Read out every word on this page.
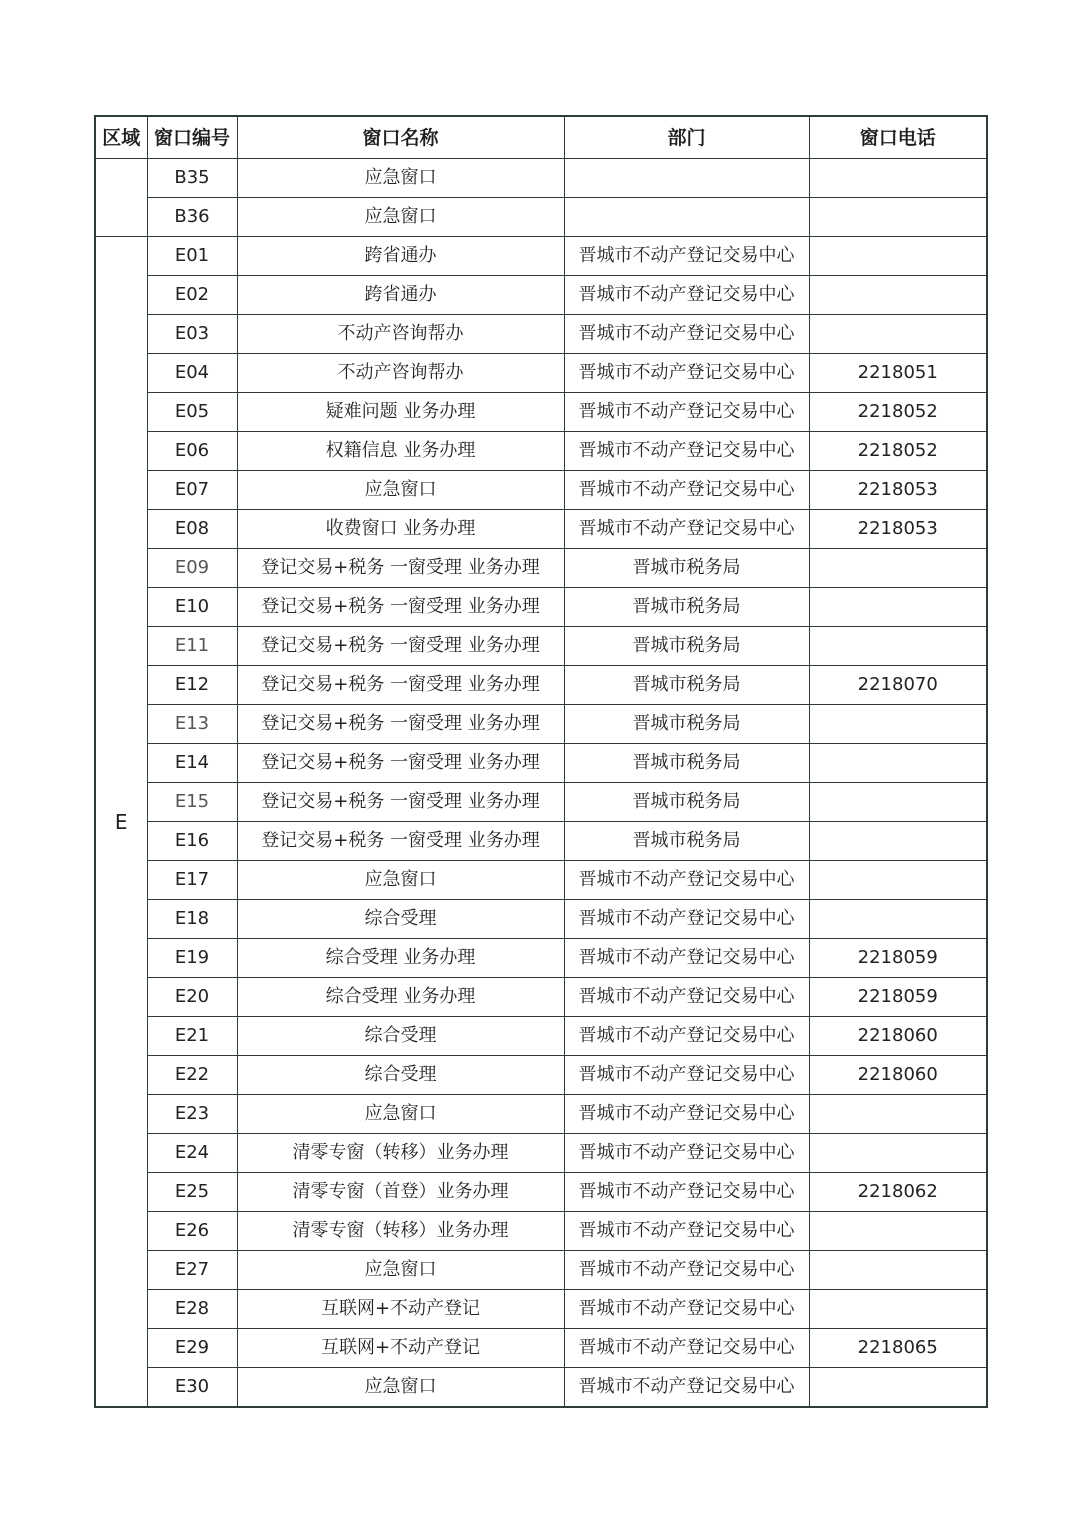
区域	窗口编号	窗口名称	部门	窗口电话
	B35	应急窗口		
	B36	应急窗口		
E	E01	跨省通办	晋城市不动产登记交易中心	
	E02	跨省通办	晋城市不动产登记交易中心	
	E03	不动产咨询帮办	晋城市不动产登记交易中心	
	E04	不动产咨询帮办	晋城市不动产登记交易中心	2218051
	E05	疑难问题 业务办理	晋城市不动产登记交易中心	2218052
	E06	权籍信息 业务办理	晋城市不动产登记交易中心	2218052
	E07	应急窗口	晋城市不动产登记交易中心	2218053
	E08	收费窗口 业务办理	晋城市不动产登记交易中心	2218053
	E09	登记交易+税务 一窗受理 业务办理	晋城市税务局	
	E10	登记交易+税务 一窗受理 业务办理	晋城市税务局	
	E11	登记交易+税务 一窗受理 业务办理	晋城市税务局	
	E12	登记交易+税务 一窗受理 业务办理	晋城市税务局	2218070
	E13	登记交易+税务 一窗受理 业务办理	晋城市税务局	
	E14	登记交易+税务 一窗受理 业务办理	晋城市税务局	
	E15	登记交易+税务 一窗受理 业务办理	晋城市税务局	
	E16	登记交易+税务 一窗受理 业务办理	晋城市税务局	
	E17	应急窗口	晋城市不动产登记交易中心	
	E18	综合受理	晋城市不动产登记交易中心	
	E19	综合受理 业务办理	晋城市不动产登记交易中心	2218059
	E20	综合受理 业务办理	晋城市不动产登记交易中心	2218059
	E21	综合受理	晋城市不动产登记交易中心	2218060
	E22	综合受理	晋城市不动产登记交易中心	2218060
	E23	应急窗口	晋城市不动产登记交易中心	
	E24	清零专窗（转移）业务办理	晋城市不动产登记交易中心	
	E25	清零专窗（首登）业务办理	晋城市不动产登记交易中心	2218062
	E26	清零专窗（转移）业务办理	晋城市不动产登记交易中心	
	E27	应急窗口	晋城市不动产登记交易中心	
	E28	互联网+不动产登记	晋城市不动产登记交易中心	
	E29	互联网+不动产登记	晋城市不动产登记交易中心	2218065
	E30	应急窗口	晋城市不动产登记交易中心	
